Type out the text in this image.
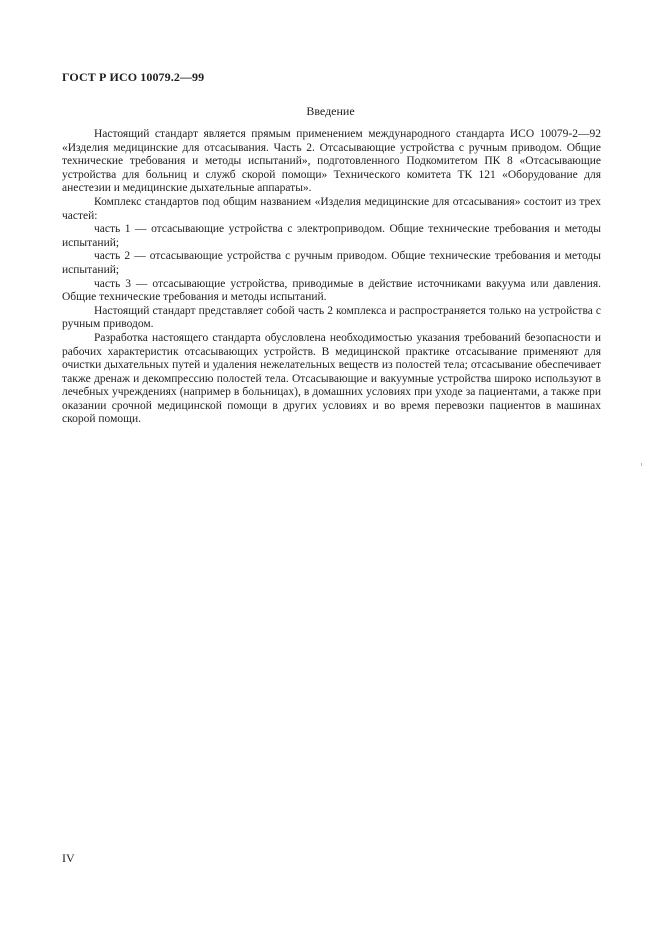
ГОСТ Р ИСО 10079.2—99
Введение

Настоящий стандарт является прямым применением международного стандарта ИСО 10079-2—92 «Изделия медицинские для отсасывания. Часть 2. Отсасывающие устройства с ручным приводом. Общие технические требования и методы испытаний», подготовленного Подкомитетом ПК 8 «Отсасывающие устройства для больниц и служб скорой помощи» Технического комитета ТК 121 «Оборудование для анестезии и медицинские дыхательные аппараты».

Комплекс стандартов под общим названием «Изделия медицинские для отсасывания» состоит из трех частей:

часть 1 — отсасывающие устройства с электроприводом. Общие технические требования и методы испытаний;

часть 2 — отсасывающие устройства с ручным приводом. Общие технические требования и методы испытаний;

часть 3 — отсасывающие устройства, приводимые в действие источниками вакуума или давления. Общие технические требования и методы испытаний.

Настоящий стандарт представляет собой часть 2 комплекса и распространяется только на устройства с ручным приводом.

Разработка настоящего стандарта обусловлена необходимостью указания требований безопасности и рабочих характеристик отсасывающих устройств. В медицинской практике отсасывание применяют для очистки дыхательных путей и удаления нежелательных веществ из полостей тела; отсасывание обеспечивает также дренаж и декомпрессию полостей тела. Отсасывающие и вакуумные устройства широко используют в лечебных учреждениях (например в больницах), в домашних условиях при уходе за пациентами, а также при оказании срочной медицинской помощи в других условиях и во время перевозки пациентов в машинах скорой помощи.

IV
